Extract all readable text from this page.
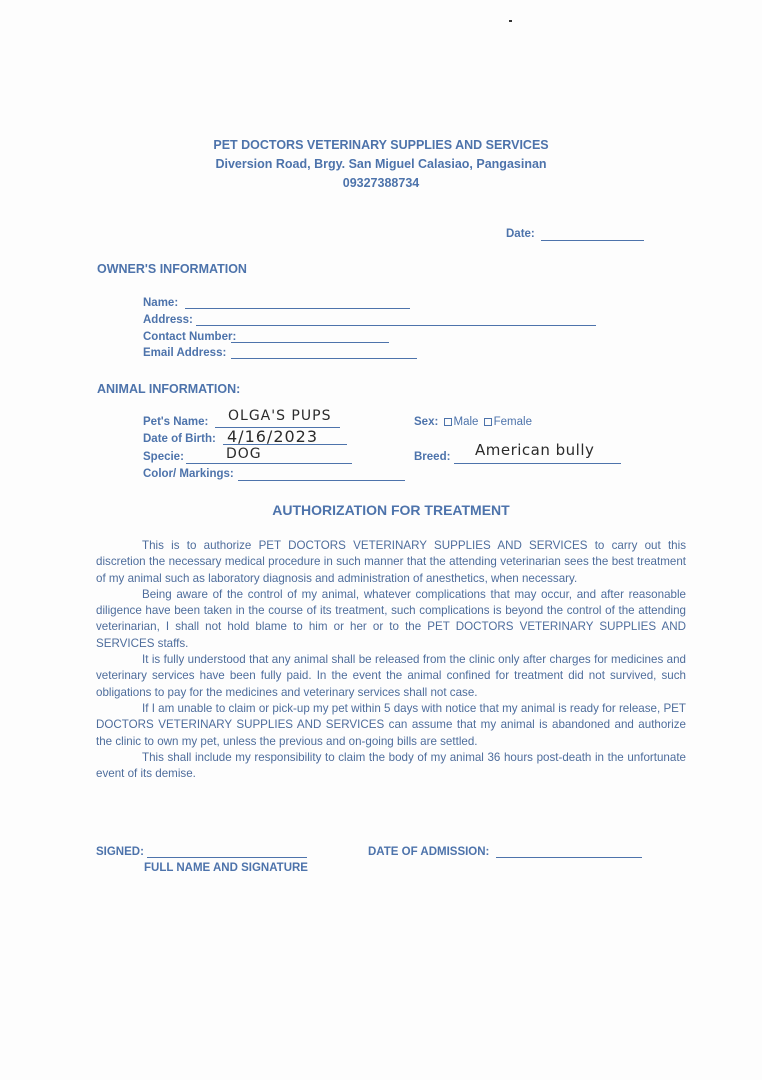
PET DOCTORS VETERINARY SUPPLIES AND SERVICES
Diversion Road, Brgy. San Miguel Calasiao, Pangasinan
09327388734
Date:
OWNER'S INFORMATION
Name:
Address:
Contact Number:
Email Address:
ANIMAL INFORMATION:
Pet's Name: OLGA'S PUPS
Date of Birth: 4/16/2023
Specie:	DOG
Color/ Markings:
Sex: Male Female
Breed: American bully
AUTHORIZATION FOR TREATMENT

This is to authorize PET DOCTORS VETERINARY SUPPLIES AND SERVICES to carry out this discretion the necessary medical procedure in such manner that the attending veterinarian sees the best treatment of my animal such as laboratory diagnosis and administration of anesthetics, when necessary.

Being aware of the control of my animal, whatever complications that may occur, and after reasonable diligence have been taken in the course of its treatment, such complications is beyond the control of the attending veterinarian, I shall not hold blame to him or her or to the PET DOCTORS VETERINARY SUPPLIES AND SERVICES staffs.

It is fully understood that any animal shall be released from the clinic only after charges for medicines and veterinary services have been fully paid. In the event the animal confined for treatment did not survived, such obligations to pay for the medicines and veterinary services shall not case.

If I am unable to claim or pick-up my pet within 5 days with notice that my animal is ready for release, PET DOCTORS VETERINARY SUPPLIES AND SERVICES can assume that my animal is abandoned and authorize the clinic to own my pet, unless the previous and on-going bills are settled.

This shall include my responsibility to claim the body of my animal 36 hours post-death in the unfortunate event of its demise.

SIGNED:
FULL NAME AND SIGNATURE
DATE OF ADMISSION:
